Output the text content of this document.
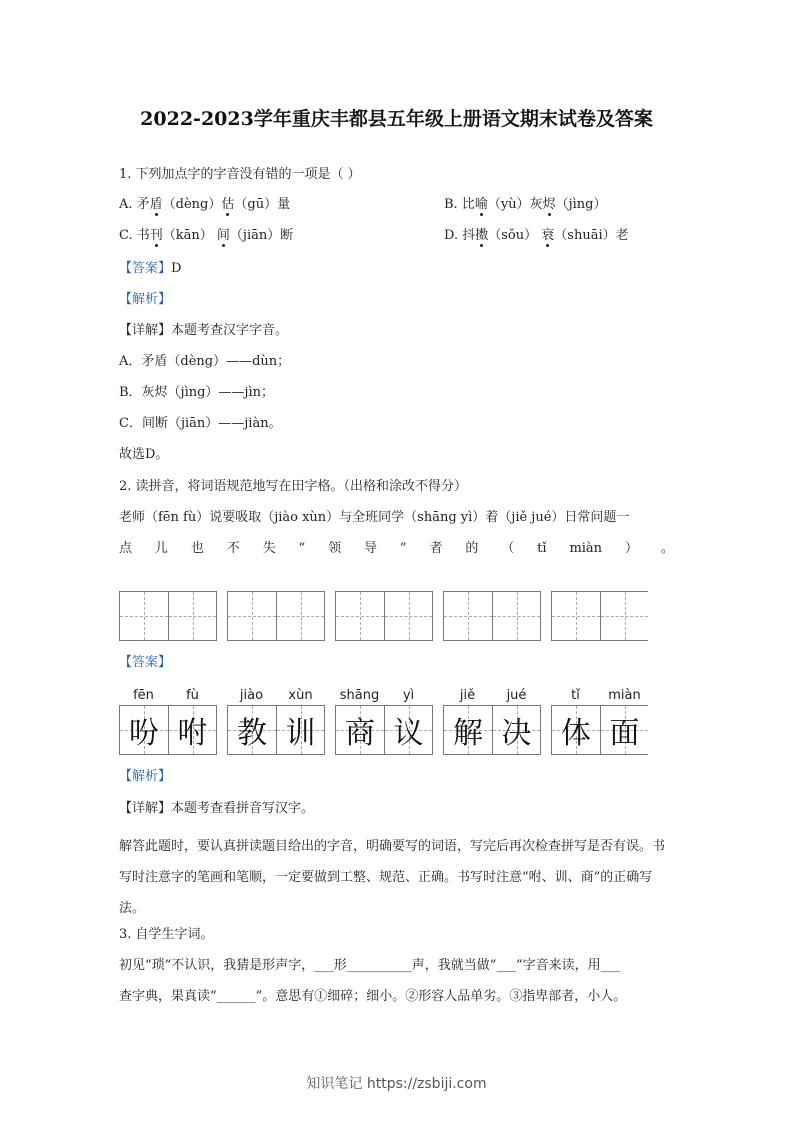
2022-2023学年重庆丰都县五年级上册语文期末试卷及答案
1. 下列加点字的字音没有错的一项是（ ）
A. 矛盾（dèng）估（gū）量	B. 比喻（yù）灰烬（jìng）
C. 书刊（kān） 间（jiān）断	D. 抖擞（sǒu） 衰（shuāi）老
【答案】D
【解析】
【详解】本题考查汉字字音。
A．矛盾（dèng）——dùn；
B．灰烬（jìng）——jìn；
C．间断（jiān）——jiàn。
故选D。
2. 读拼音，将词语规范地写在田字格。（出格和涂改不得分）
老师（fēn fù）说要吸取（jiào xùn）与全班同学（shāng yì）着（jiě jué）日常问题一
点 儿 也 不 失 “ 领 导 ” 者 的 （ tǐ miàn ） 。
【答案】
fēn	fù	jiào	xùn	shāng	yì	jiě	jué	tǐ	miàn
吩 咐 教 训 商 议 解 决 体 面
【解析】
【详解】本题考查看拼音写汉字。
解答此题时，要认真拼读题目给出的字音，明确要写的词语，写完后再次检查拼写是否有误。书写时注意字的笔画和笔顺，一定要做到工整、规范、正确。书写时注意“咐、训、商”的正确写法。
3. 自学生字词。
初见“琐”不认识，我猜是形声字，___形__________声，我就当做“___”字音来读，用___
查字典，果真读“______”。意思有①细碎；细小。②形容人品单劣。③指卑部者，小人。
知识笔记 https://zsbiji.com
